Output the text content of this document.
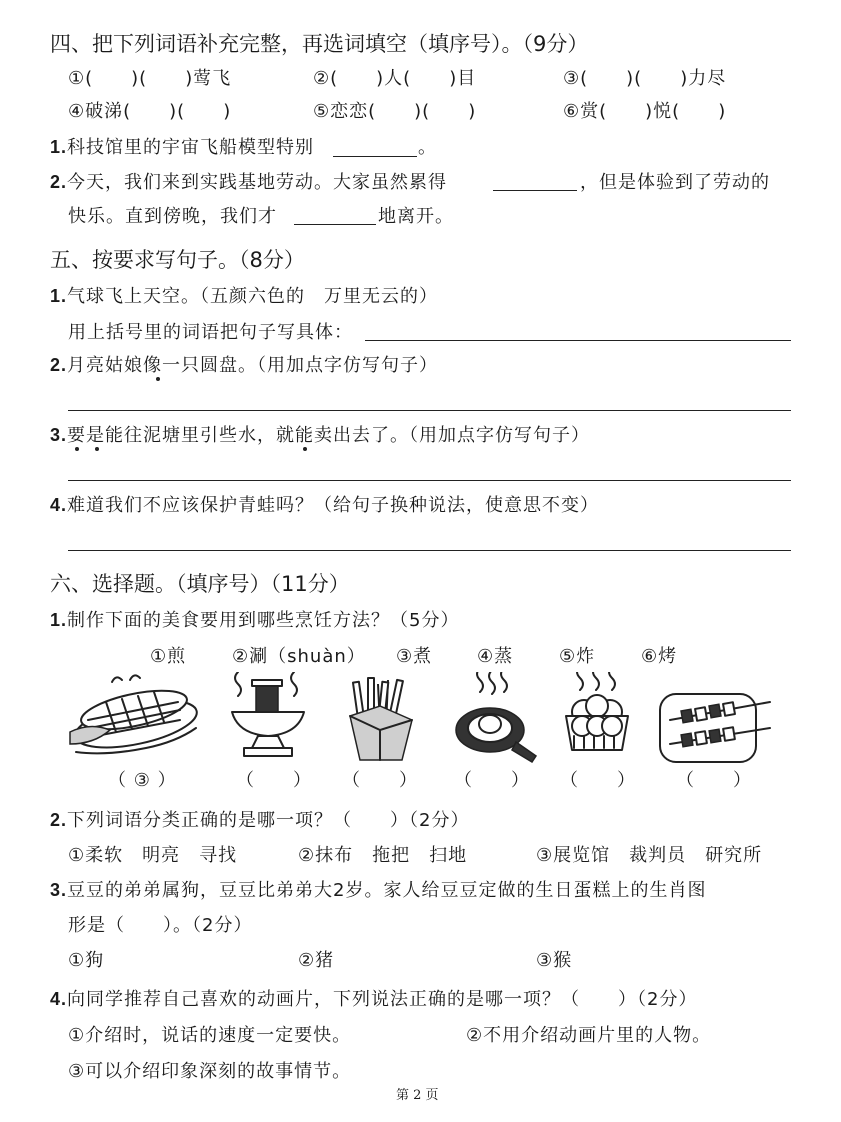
四、把下列词语补充完整，再选词填空（填序号）。（9分）
①(　　)(　　)莺飞	②(　　)人(　　)目	③(　　)(　　)力尽
④破涕(　　)(　　)	⑤恋恋(　　)(　　)	⑥赏(　　)悦(　　)
1.科技馆里的宇宙飞船模型特别	。
2.今天，我们来到实践基地劳动。大家虽然累得	，但是体验到了劳动的
快乐。直到傍晚，我们才	地离开。
五、按要求写句子。（8分）
1.气球飞上天空。（五颜六色的　万里无云的）
用上括号里的词语把句子写具体：
2.月亮姑娘像一只圆盘。（用加点字仿写句子）
3.要是能往泥塘里引些水，就能卖出去了。（用加点字仿写句子）
4.难道我们不应该保护青蛙吗？（给句子换种说法，使意思不变）
六、选择题。（填序号）（11分）
1.制作下面的美食要用到哪些烹饪方法？（5分）
①煎	②涮（shuàn） ③煮 ④蒸	⑤炸	⑥烤
（ ③ ）	（　　） （　　） （　　） （　　） （　　）
2.下列词语分类正确的是哪一项？（　　）（2分）
①柔软　明亮　寻找	②抹布　拖把　扫地	③展览馆　裁判员　研究所
3.豆豆的弟弟属狗，豆豆比弟弟大2岁。家人给豆豆定做的生日蛋糕上的生肖图
形是（　　）。（2分）
①狗	②猪	③猴
4.向同学推荐自己喜欢的动画片，下列说法正确的是哪一项？（　　）（2分）
①介绍时，说话的速度一定要快。	②不用介绍动画片里的人物。
③可以介绍印象深刻的故事情节。
第 2 页
